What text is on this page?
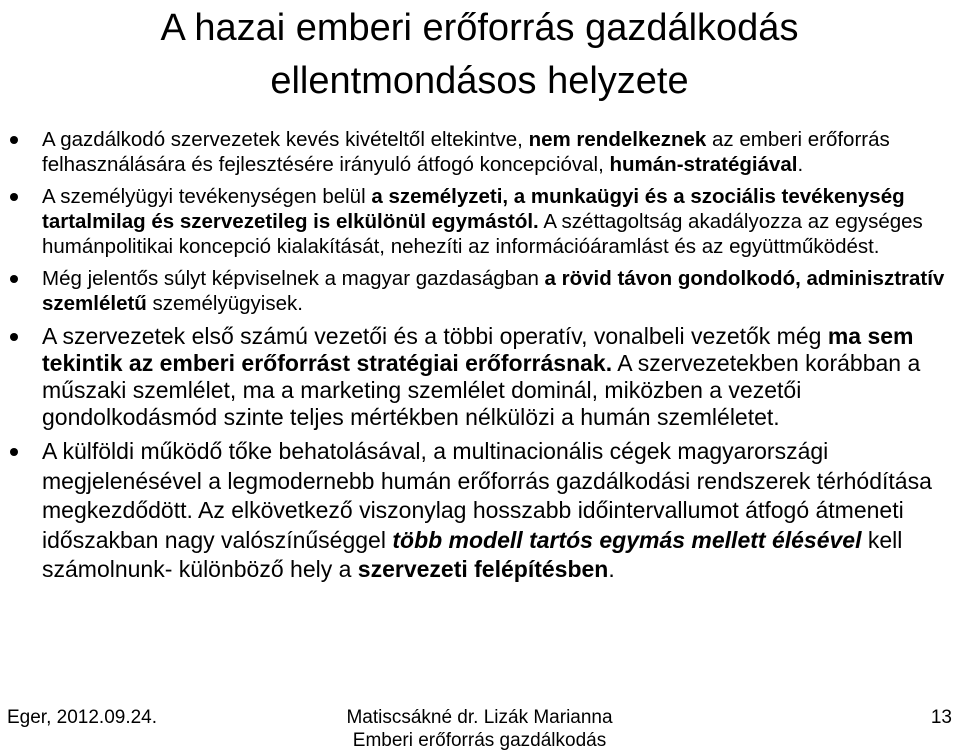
A hazai emberi erőforrás gazdálkodás
ellentmondásos helyzete
A gazdálkodó szervezetek kevés kivételtől eltekintve, nem rendelkeznek az emberi erőforrás felhasználására és fejlesztésére irányuló átfogó koncepcióval, humán-stratégiával.
A személyügyi tevékenységen belül a személyzeti, a munkaügyi és a szociális tevékenység tartalmilag és szervezetileg is elkülönül egymástól. A széttagoltság akadályozza az egységes humánpolitikai koncepció kialakítását, nehezíti az információáramlást és az együttműködést.
Még jelentős súlyt képviselnek a magyar gazdaságban a rövid távon gondolkodó, adminisztratív szemléletű személyügyisek.
A szervezetek első számú vezetői és a többi operatív, vonalbeli vezetők még ma sem tekintik az emberi erőforrást stratégiai erőforrásnak. A szervezetekben korábban a műszaki szemlélet, ma a marketing szemlélet dominál, miközben a vezetői gondolkodásmód szinte teljes mértékben nélkülözi a humán szemléletet.
A külföldi működő tőke behatolásával, a multinacionális cégek magyarországi megjelenésével a legmodernebb humán erőforrás gazdálkodási rendszerek térhódítása megkezdődött. Az elkövetkező viszonylag hosszabb időintervallumot átfogó átmeneti időszakban nagy valószínűséggel több modell tartós egymás mellett élésével kell számolnunk- különböző hely a szervezeti felépítésben.
Eger, 2012.09.24.	Matiscsákné dr. Lizák Marianna
Emberi erőforrás gazdálkodás
13
